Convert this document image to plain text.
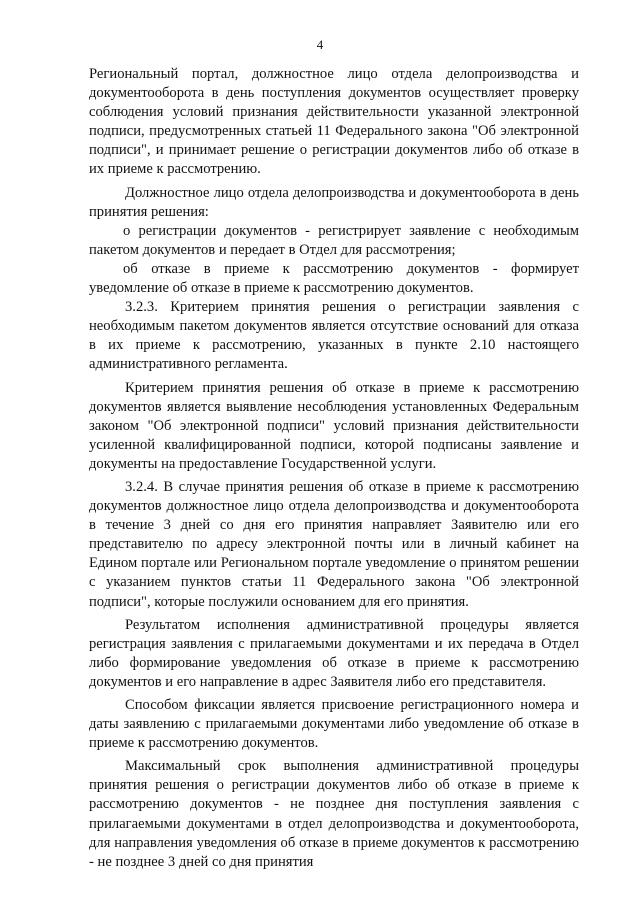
4

Региональный портал, должностное лицо отдела делопроизводства и документооборота в день поступления документов осуществляет проверку соблюдения условий признания действительности указанной электронной подписи, предусмотренных статьей 11 Федерального закона "Об электронной подписи", и принимает решение о регистрации документов либо об отказе в их приеме к рассмотрению.

Должностное лицо отдела делопроизводства и документооборота в день принятия решения:

о регистрации документов - регистрирует заявление с необходимым пакетом документов и передает в Отдел для рассмотрения;

об отказе в приеме к рассмотрению документов - формирует уведомление об отказе в приеме к рассмотрению документов.

3.2.3. Критерием принятия решения о регистрации заявления с необходимым пакетом документов является отсутствие оснований для отказа в их приеме к рассмотрению, указанных в пункте 2.10 настоящего административного регламента.

Критерием принятия решения об отказе в приеме к рассмотрению документов является выявление несоблюдения установленных Федеральным законом "Об электронной подписи" условий признания действительности усиленной квалифицированной подписи, которой подписаны заявление и документы на предоставление Государственной услуги.

3.2.4. В случае принятия решения об отказе в приеме к рассмотрению документов должностное лицо отдела делопроизводства и документооборота в течение 3 дней со дня его принятия направляет Заявителю или его представителю по адресу электронной почты или в личный кабинет на Едином портале или Региональном портале уведомление о принятом решении с указанием пунктов статьи 11 Федерального закона "Об электронной подписи", которые послужили основанием для его принятия.

Результатом исполнения административной процедуры является регистрация заявления с прилагаемыми документами и их передача в Отдел либо формирование уведомления об отказе в приеме к рассмотрению документов и его направление в адрес Заявителя либо его представителя.

Способом фиксации является присвоение регистрационного номера и даты заявлению с прилагаемыми документами либо уведомление об отказе в приеме к рассмотрению документов.

Максимальный срок выполнения административной процедуры принятия решения о регистрации документов либо об отказе в приеме к рассмотрению документов - не позднее дня поступления заявления с прилагаемыми документами в отдел делопроизводства и документооборота, для направления уведомления об отказе в приеме документов к рассмотрению - не позднее 3 дней со дня принятия
